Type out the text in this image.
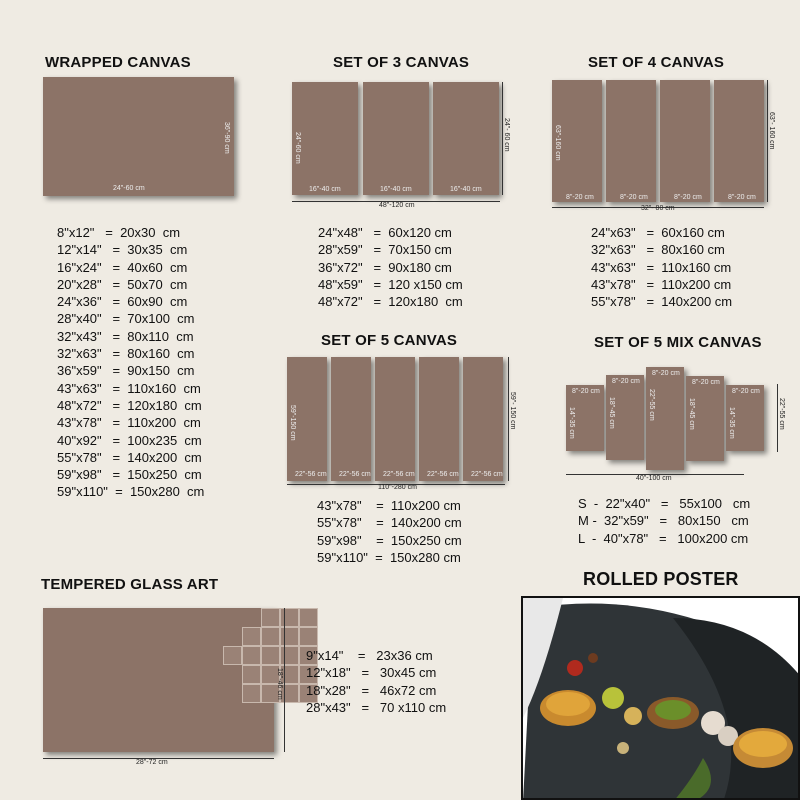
WRAPPED CANVAS
24"-60 cm
36"-90 cm
8"x12"   =  20x30  cm
12"x14"   =  30x35  cm
16"x24"   =  40x60  cm
20"x28"   =  50x70  cm
24"x36"   =  60x90  cm
28"x40"   =  70x100  cm
32"x43"   =  80x110  cm
32"x63"   =  80x160  cm
36"x59"   =  90x150  cm
43"x63"   =  110x160  cm
48"x72"   =  120x180  cm
43"x78"   =  110x200  cm
40"x92"   =  100x235  cm
55"x78"   =  140x200  cm
59"x98"   =  150x250  cm
59"x110"  =  150x280  cm
SET OF 3 CANVAS
16"-40 cm
24"-60 cm
16"-40 cm	16"-40 cm
24"- 60 cm
48"-120 cm
24"x48"   =  60x120 cm
28"x59"   =  70x150 cm
36"x72"   =  90x180 cm
48"x59"   =  120 x150 cm
48"x72"   =  120x180  cm
SET OF 4 CANVAS
8"-20 cm
63"-160 cm
8"-20 cm	8"-20 cm	8"-20 cm
63"- 160 cm
32"- 80 cm
24"x63"   =  60x160 cm
32"x63"   =  80x160 cm
43"x63"   =  110x160 cm
43"x78"   =  110x200 cm
55"x78"   =  140x200 cm
SET OF 5 CANVAS
22"-56 cm
59"-150 cm
22"-56 cm 22"-56 cm 22"-56 cm 22"-56 cm
59"- 150 cm
110"-280 cm
43"x78"    =  110x200 cm
55"x78"    =  140x200 cm
59"x98"    =  150x250 cm
59"x110"  =  150x280 cm
SET OF 5 MIX CANVAS
8"-20 cm
14"-35 cm
8"-20 cm
18"-45 cm
8"-20 cm
22"-55 cm
8"-20 cm
18"-45 cm
8"-20 cm
14"-35 cm	22"-55 cm
40"-100 cm
S  -  22"x40"   =   55x100   cm
M -  32"x59"   =   80x150   cm
L  -  40"x78"   =   100x200 cm
TEMPERED GLASS ART
18"-46 cm
28"-72 cm
9"x14"    =   23x36 cm
12"x18"   =   30x45 cm
18"x28"   =   46x72 cm
28"x43"   =   70 x110 cm
ROLLED POSTER
